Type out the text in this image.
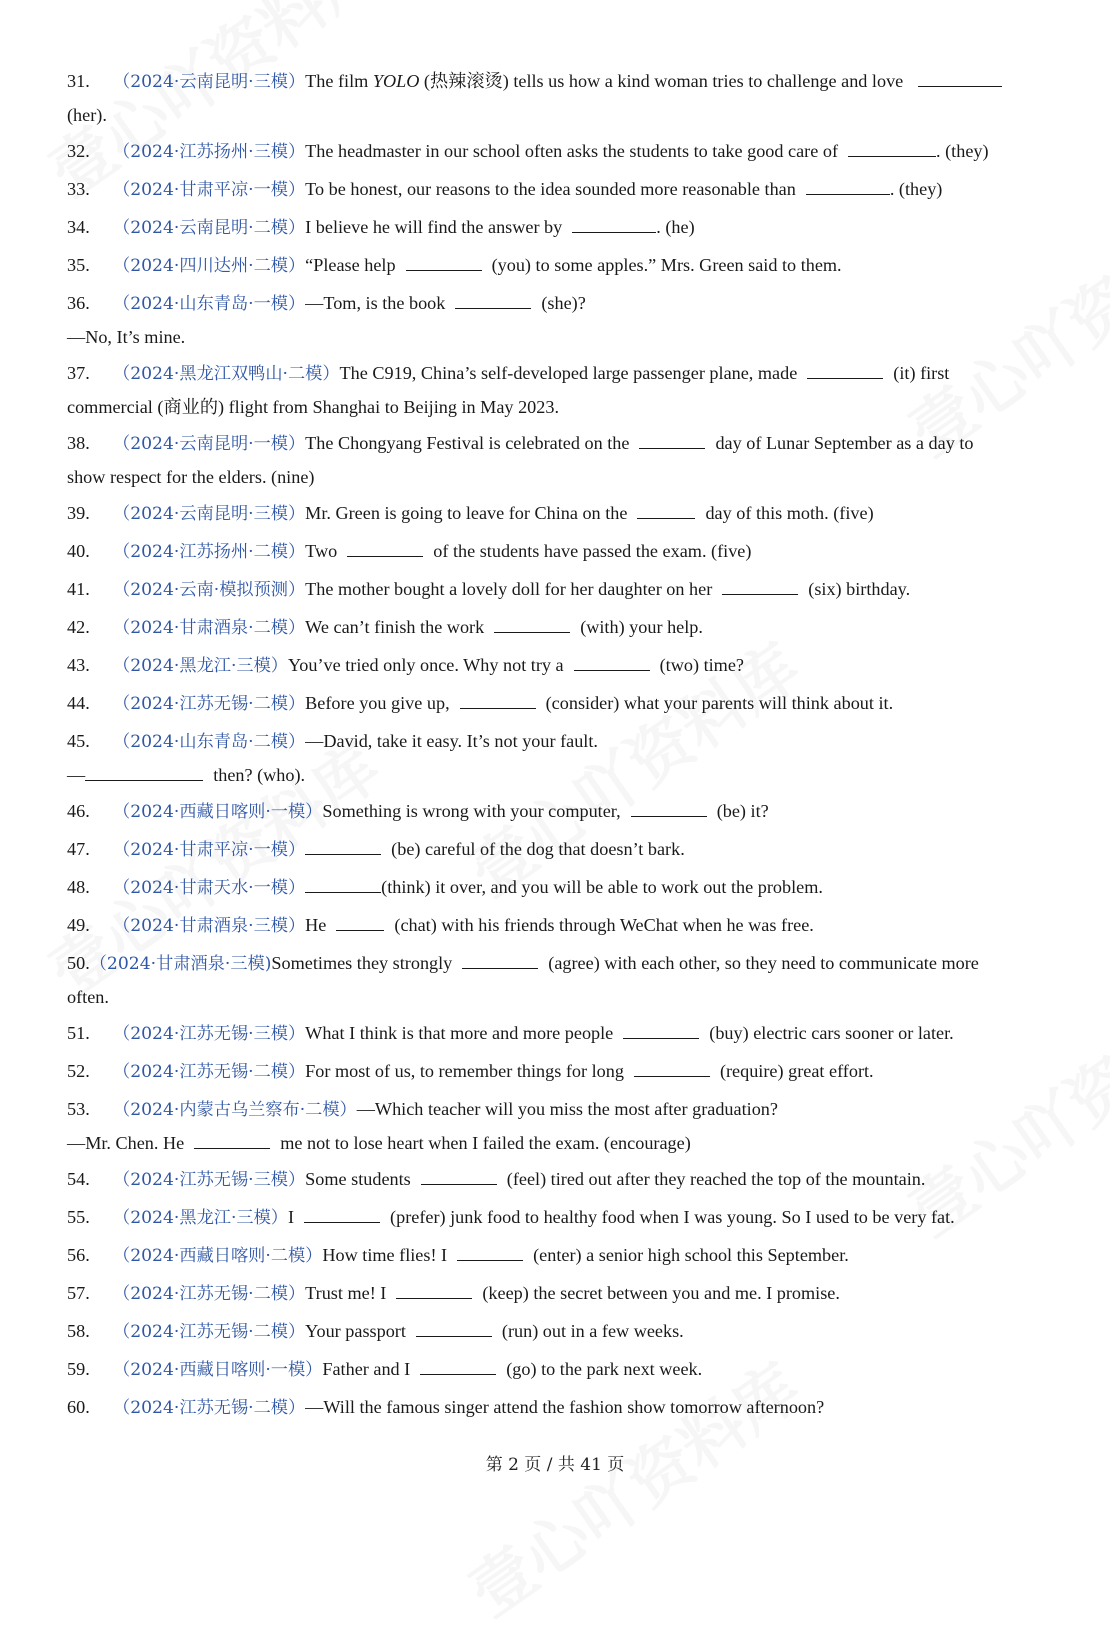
31. （2024·云南昆明·三模）The film YOLO (热辣滚烫) tells us how a kind woman tries to challenge and love
(her).
32. （2024·江苏扬州·三模）The headmaster in our school often asks the students to take good care of	. (they)
33. （2024·甘肃平凉·一模）To be honest, our reasons to the idea sounded more reasonable than	. (they)
34. （2024·云南昆明·二模）I believe he will find the answer by	. (he)
35. （2024·四川达州·二模）“Please help	(you) to some apples.” Mrs. Green said to them.
36. （2024·山东青岛·一模）—Tom, is the book	(she)?
—No, It’s mine.
37. （2024·黑龙江双鸭山·二模）The C919, China’s self-developed large passenger plane, made	(it) first
commercial (商业的) flight from Shanghai to Beijing in May 2023.
38. （2024·云南昆明·一模）The Chongyang Festival is celebrated on the	day of Lunar September as a day to
show respect for the elders. (nine)
39. （2024·云南昆明·三模）Mr. Green is going to leave for China on the	day of this moth. (five)
40. （2024·江苏扬州·二模）Two	of the students have passed the exam. (five)
41. （2024·云南·模拟预测）The mother bought a lovely doll for her daughter on her	(six) birthday.
42. （2024·甘肃酒泉·二模）We can’t finish the work	(with) your help.
43. （2024·黑龙江·三模）You’ve tried only once. Why not try a	(two) time?
44. （2024·江苏无锡·二模）Before you give up,	(consider) what your parents will think about it.
45. （2024·山东青岛·二模）—David, take it easy. It’s not your fault.
—	then? (who).
46. （2024·西藏日喀则·一模）Something is wrong with your computer,	(be) it?
47. （2024·甘肃平凉·一模）	(be) careful of the dog that doesn’t bark.
48. （2024·甘肃天水·一模）	(think) it over, and you will be able to work out the problem.
49. （2024·甘肃酒泉·三模）He	(chat) with his friends through WeChat when he was free.
50.（2024·甘肃酒泉·三模)Sometimes they strongly	(agree) with each other, so they need to communicate more
often.
51. （2024·江苏无锡·三模）What I think is that more and more people	(buy) electric cars sooner or later.
52. （2024·江苏无锡·二模）For most of us, to remember things for long	(require) great effort.
53. （2024·内蒙古乌兰察布·二模）—Which teacher will you miss the most after graduation?
—Mr. Chen. He	me not to lose heart when I failed the exam. (encourage)
54. （2024·江苏无锡·三模）Some students	(feel) tired out after they reached the top of the mountain.
55. （2024·黑龙江·三模）I	(prefer) junk food to healthy food when I was young. So I used to be very fat.
56. （2024·西藏日喀则·二模）How time flies! I	(enter) a senior high school this September.
57. （2024·江苏无锡·二模）Trust me! I	(keep) the secret between you and me. I promise.
58. （2024·江苏无锡·二模）Your passport	(run) out in a few weeks.
59. （2024·西藏日喀则·一模）Father and I	(go) to the park next week.
60. （2024·江苏无锡·二模）—Will the famous singer attend the fashion show tomorrow afternoon?
第 2 页 / 共 41 页
